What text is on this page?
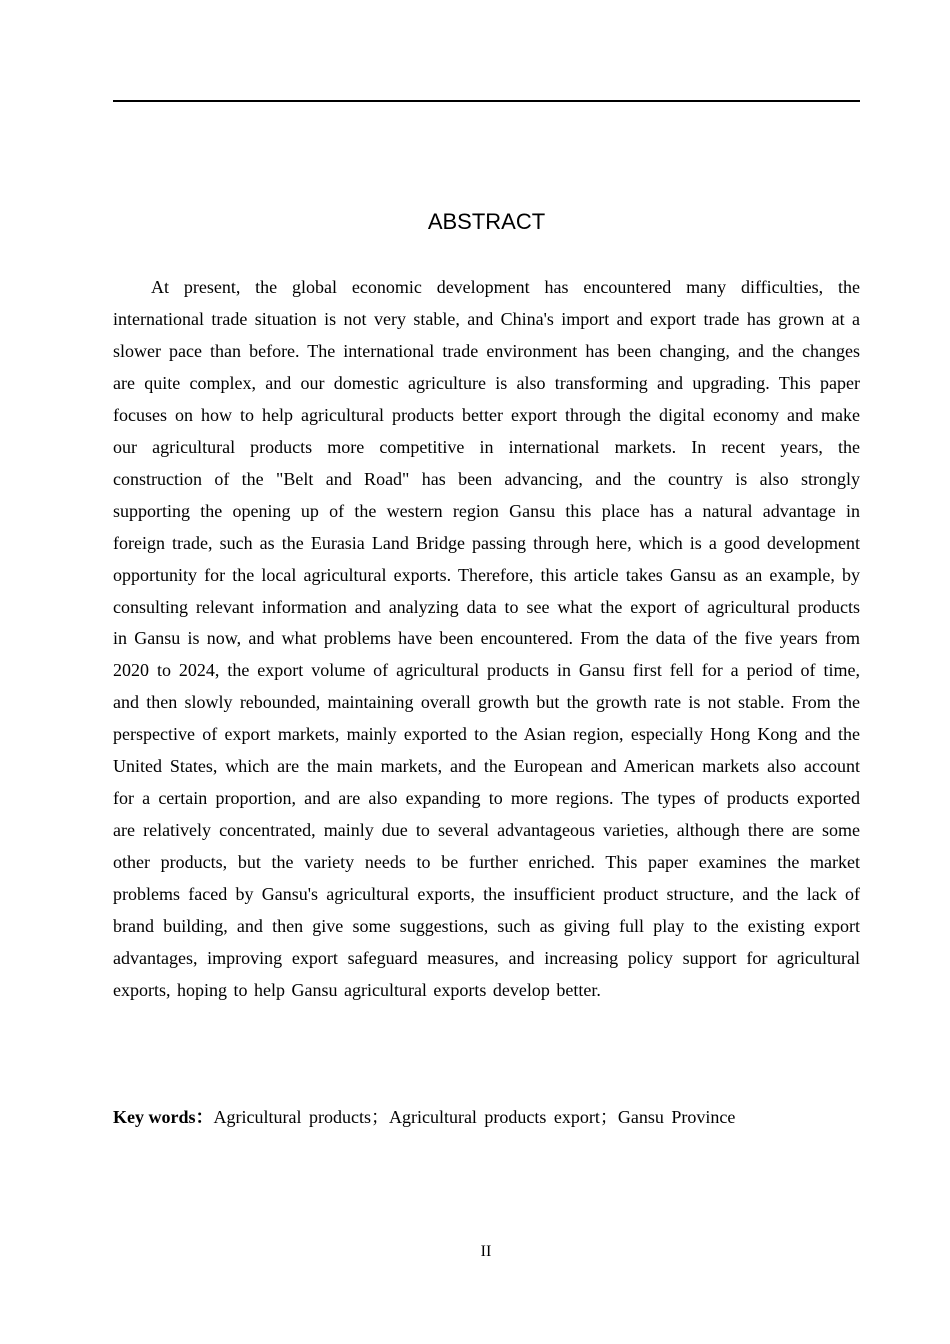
ABSTRACT

At present, the global economic development has encountered many difficulties, the international trade situation is not very stable, and China's import and export trade has grown at a slower pace than before. The international trade environment has been changing, and the changes are quite complex, and our domestic agriculture is also transforming and upgrading. This paper focuses on how to help agricultural products better export through the digital economy and make our agricultural products more competitive in international markets. In recent years, the construction of the "Belt and Road" has been advancing, and the country is also strongly supporting the opening up of the western region Gansu this place has a natural advantage in foreign trade, such as the Eurasia Land Bridge passing through here, which is a good development opportunity for the local agricultural exports. Therefore, this article takes Gansu as an example, by consulting relevant information and analyzing data to see what the export of agricultural products in Gansu is now, and what problems have been encountered. From the data of the five years from 2020 to 2024, the export volume of agricultural products in Gansu first fell for a period of time, and then slowly rebounded, maintaining overall growth but the growth rate is not stable. From the perspective of export markets, mainly exported to the Asian region, especially Hong Kong and the United States, which are the main markets, and the European and American markets also account for a certain proportion, and are also expanding to more regions. The types of products exported are relatively concentrated, mainly due to several advantageous varieties, although there are some other products, but the variety needs to be further enriched. This paper examines the market problems faced by Gansu's agricultural exports, the insufficient product structure, and the lack of brand building, and then give some suggestions, such as giving full play to the existing export advantages, improving export safeguard measures, and increasing policy support for agricultural exports, hoping to help Gansu agricultural exports develop better.

Key words：Agricultural products；Agricultural products export；Gansu Province

II
